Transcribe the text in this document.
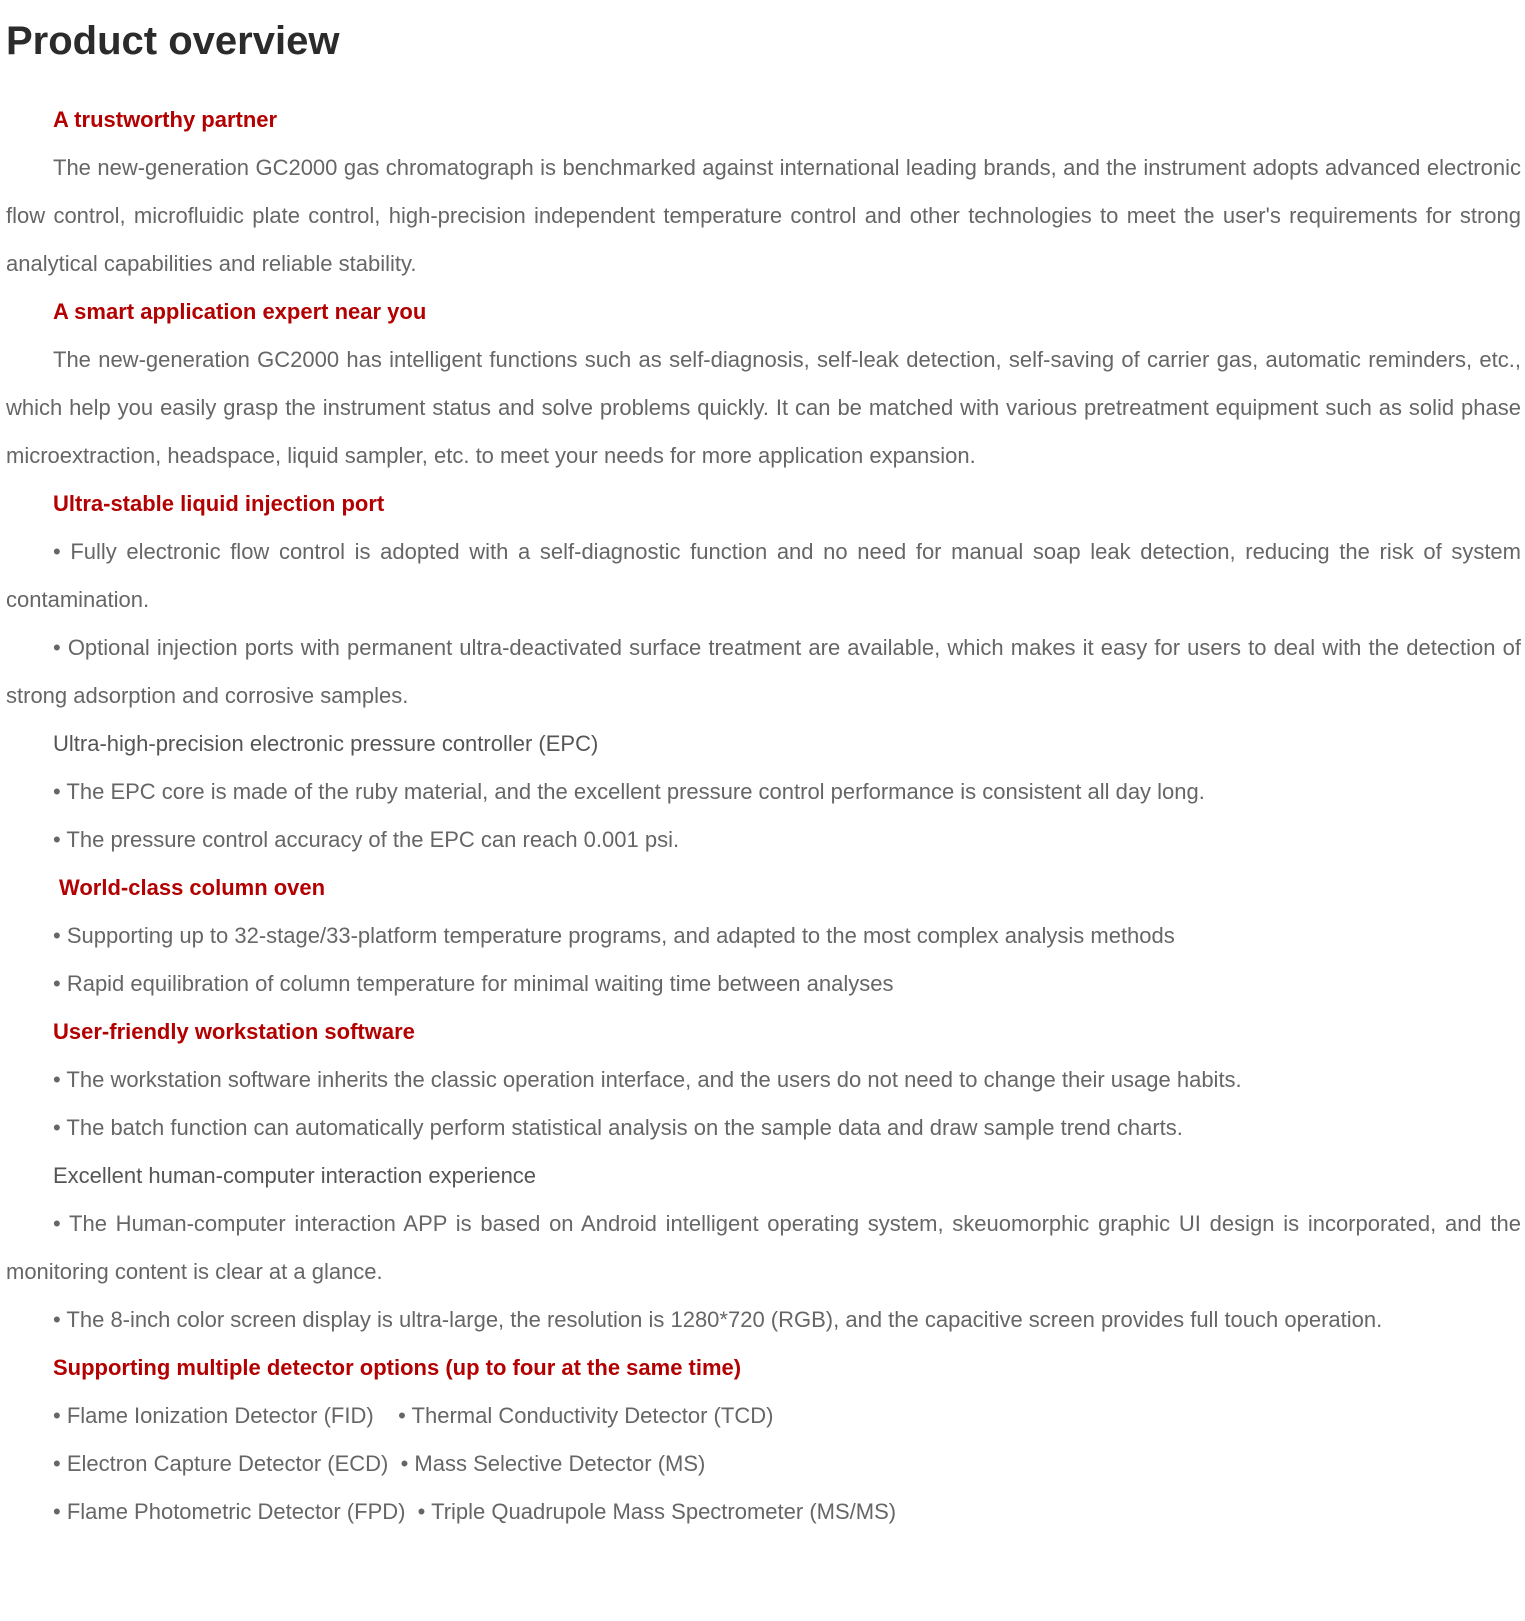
Product overview

A trustworthy partner

The new-generation GC2000 gas chromatograph is benchmarked against international leading brands, and the instrument adopts advanced electronic flow control, microfluidic plate control, high-precision independent temperature control and other technologies to meet the user's requirements for strong analytical capabilities and reliable stability.

A smart application expert near you

The new-generation GC2000 has intelligent functions such as self-diagnosis, self-leak detection, self-saving of carrier gas, automatic reminders, etc., which help you easily grasp the instrument status and solve problems quickly. It can be matched with various pretreatment equipment such as solid phase microextraction, headspace, liquid sampler, etc. to meet your needs for more application expansion.

Ultra-stable liquid injection port

• Fully electronic flow control is adopted with a self-diagnostic function and no need for manual soap leak detection, reducing the risk of system contamination.

• Optional injection ports with permanent ultra-deactivated surface treatment are available, which makes it easy for users to deal with the detection of strong adsorption and corrosive samples.

Ultra-high-precision electronic pressure controller (EPC)

• The EPC core is made of the ruby material, and the excellent pressure control performance is consistent all day long.

• The pressure control accuracy of the EPC can reach 0.001 psi.

World-class column oven

• Supporting up to 32-stage/33-platform temperature programs, and adapted to the most complex analysis methods

• Rapid equilibration of column temperature for minimal waiting time between analyses

User-friendly workstation software

• The workstation software inherits the classic operation interface, and the users do not need to change their usage habits.

• The batch function can automatically perform statistical analysis on the sample data and draw sample trend charts.

Excellent human-computer interaction experience

• The Human-computer interaction APP is based on Android intelligent operating system, skeuomorphic graphic UI design is incorporated, and the monitoring content is clear at a glance.

• The 8-inch color screen display is ultra-large, the resolution is 1280*720 (RGB), and the capacitive screen provides full touch operation.

Supporting multiple detector options (up to four at the same time)

• Flame Ionization Detector (FID)    • Thermal Conductivity Detector (TCD)

• Electron Capture Detector (ECD)  • Mass Selective Detector (MS)

• Flame Photometric Detector (FPD)  • Triple Quadrupole Mass Spectrometer (MS/MS)
